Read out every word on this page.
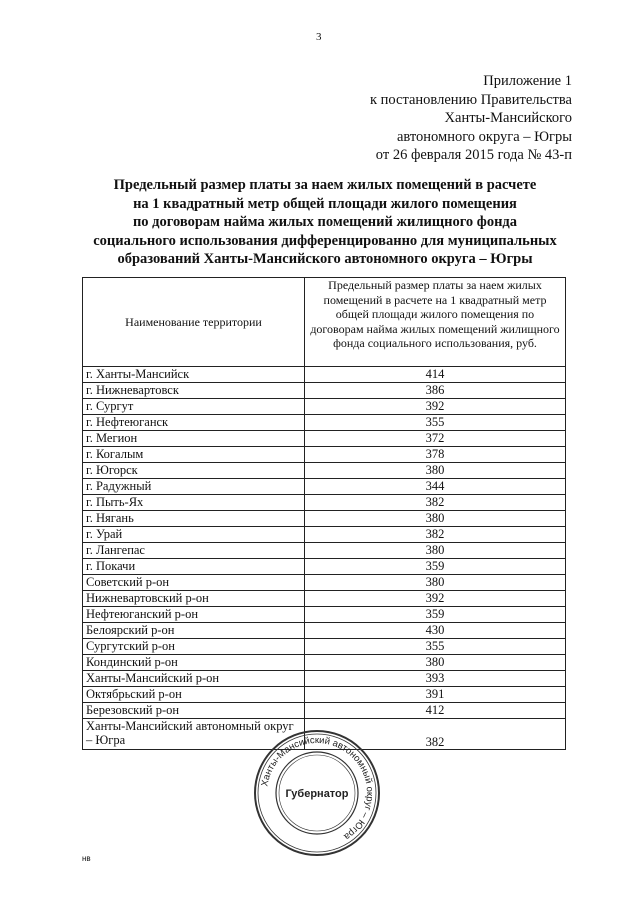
3
Приложение 1
к постановлению Правительства
Ханты-Мансийского
автономного округа – Югры
от 26 февраля 2015 года № 43-п
Предельный размер платы за наем жилых помещений в расчете
на 1 квадратный метр общей площади жилого помещения
по договорам найма жилых помещений жилищного фонда
социального использования дифференцированно для муниципальных
образований Ханты-Мансийского автономного округа – Югры
Наименование территории	Предельный размер платы за наем жилых помещений в расчете на 1 квадратный метр общей площади жилого помещения по договорам найма жилых помещений жилищного фонда социального использования, руб.
г. Ханты-Мансийск	414
г. Нижневартовск	386
г. Сургут	392
г. Нефтеюганск	355
г. Мегион	372
г. Когалым	378
г. Югорск	380
г. Радужный	344
г. Пыть-Ях	382
г. Нягань	380
г. Урай	382
г. Лангепас	380
г. Покачи	359
Советский р-он	380
Нижневартовский р-он	392
Нефтеюганский р-он	359
Белоярский р-он	430
Сургутский р-он	355
Кондинский р-он	380
Ханты-Мансийский р-он	393
Октябрьский р-он	391
Березовский р-он	412
Ханты-Мансийский автономный округ – Югра	382
Ханты-Мансийский автономный округ – Югра
Губернатор
нв
